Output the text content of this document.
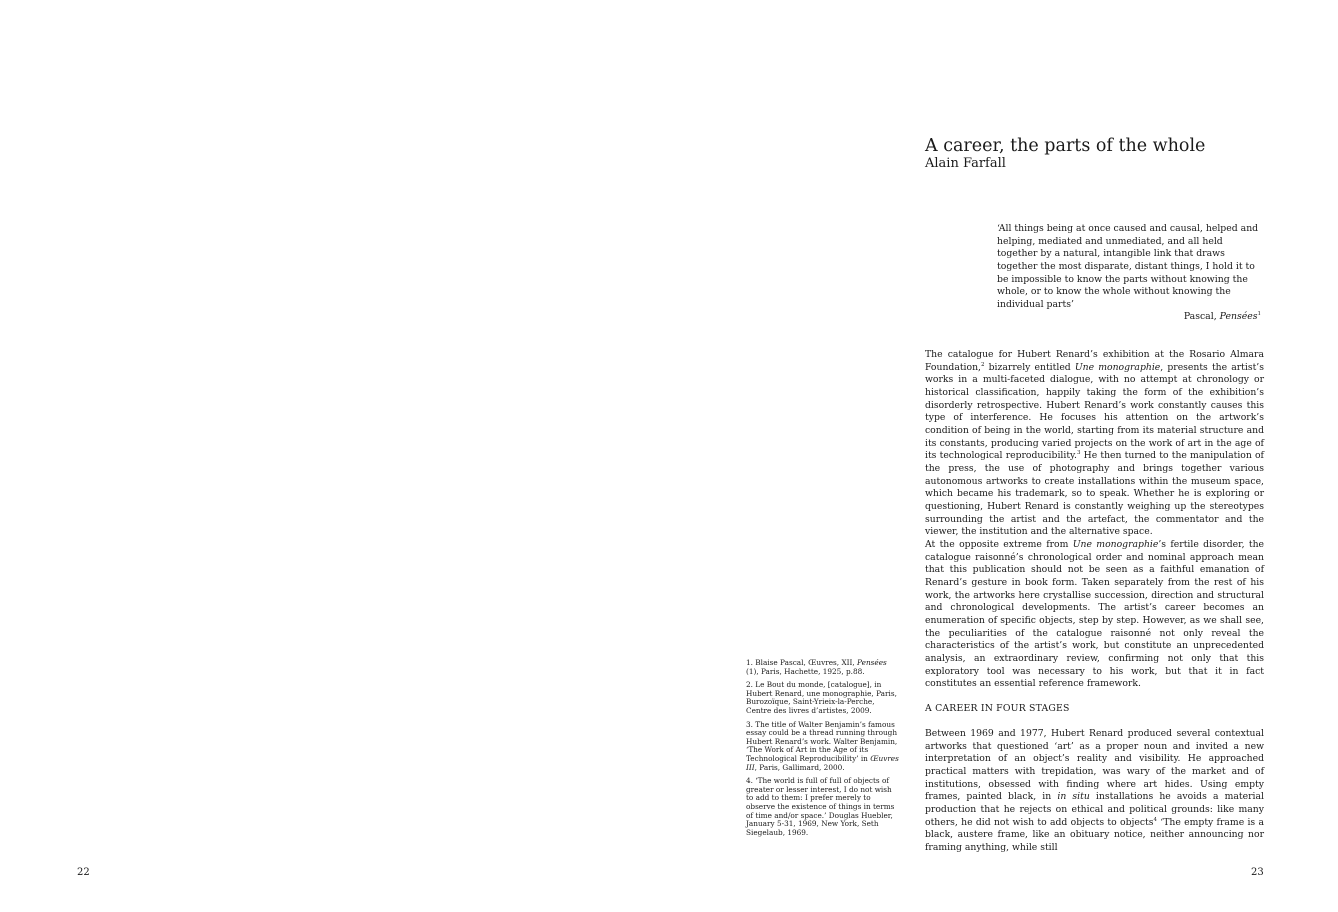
1. Blaise Pascal, Œuvres, XII, Pensées (1), Paris, Hachette, 1925, p.88.
2. Le Bout du monde, [catalogue], in Hubert Renard, une monographie, Paris, Burozoïque, Saint-Yrieix-la-Perche, Centre des livres d’artistes, 2009.
3. The title of Walter Benjamin’s famous essay could be a thread running through Hubert Renard’s work. Walter Benjamin, ‘The Work of Art in the Age of its Technological Reproducibility’ in Œuvres III, Paris, Gallimard, 2000.
4. ‘The world is full of full of objects of greater or lesser interest, I do not wish to add to them: I prefer merely to observe the existence of things in terms of time and/or space.’ Douglas Huebler, January 5-31, 1969, New York, Seth Siegelaub, 1969.
22
A career, the parts of the whole
Alain Farfall
‘All things being at once caused and causal, helped and helping, mediated and unmediated, and all held together by a natural, intangible link that draws together the most disparate, distant things, I hold it to be impossible to know the parts without knowing the whole, or to know the whole without knowing the individual parts’
Pascal, Pensées$^1$

The catalogue for Hubert Renard’s exhibition at the Rosario Almara Foundation,$^2$ bizarrely entitled Une monographie, presents the artist’s works in a multi-faceted dialogue, with no attempt at chronology or historical classification, happily taking the form of the exhibition’s disorderly retrospective. Hubert Renard’s work constantly causes this type of interference. He focuses his attention on the artwork’s condition of being in the world, starting from its material structure and its constants, producing varied projects on the work of art in the age of its technological reproducibility.$^3$ He then turned to the manipulation of the press, the use of photography and brings together various autonomous artworks to create installations within the museum space, which became his trademark, so to speak. Whether he is exploring or questioning, Hubert Renard is constantly weighing up the stereotypes surrounding the artist and the artefact, the commentator and the viewer, the institution and the alternative space.

At the opposite extreme from Une monographie’s fertile disorder, the catalogue raisonné’s chronological order and nominal approach mean that this publication should not be seen as a faithful emanation of Renard’s gesture in book form. Taken separately from the rest of his work, the artworks here crystallise succession, direction and structural and chronological developments. The artist’s career becomes an enumeration of specific objects, step by step. However, as we shall see, the peculiarities of the catalogue raisonné not only reveal the characteristics of the artist’s work, but constitute an unprecedented analysis, an extraordinary review, confirming not only that this exploratory tool was necessary to his work, but that it in fact constitutes an essential reference framework.

A CAREER IN FOUR STAGES

Between 1969 and 1977, Hubert Renard produced several contextual artworks that questioned ‘art’ as a proper noun and invited a new interpretation of an object’s reality and visibility. He approached practical matters with trepidation, was wary of the market and of institutions, obsessed with finding where art hides. Using empty frames, painted black, in in situ installations he avoids a material production that he rejects on ethical and political grounds: like many others, he did not wish to add objects to objects$^4$ ‘The empty frame is a black, austere frame, like an obituary notice, neither announcing nor framing anything, while still

23
